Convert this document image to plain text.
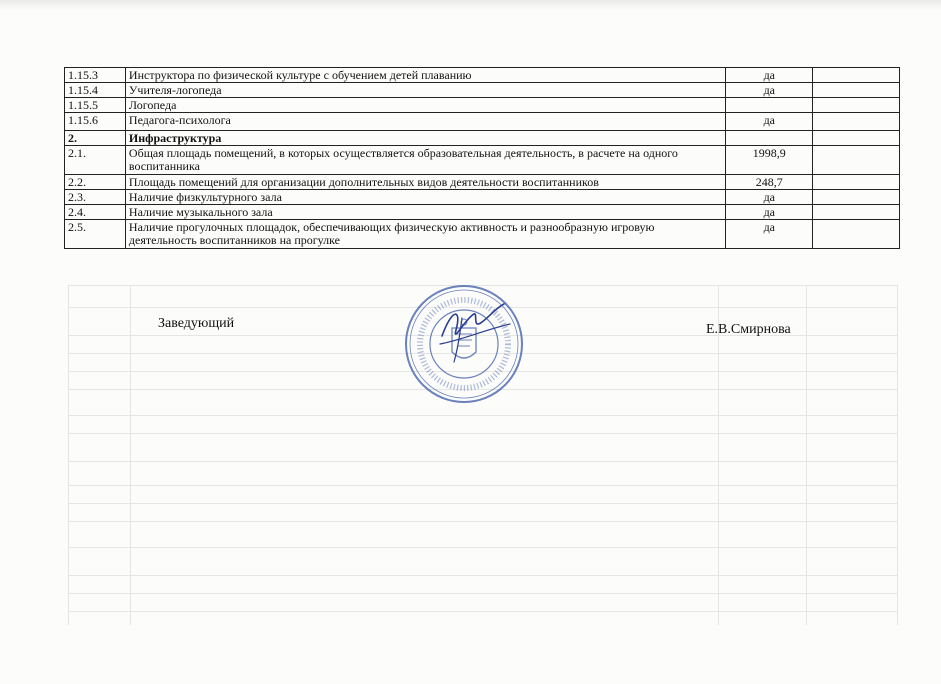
1.15.3	Инструктора по физической культуре с обучением детей плаванию	да	
1.15.4	Учителя-логопеда	да	
1.15.5	Логопеда		
1.15.6	Педагога-психолога	да	
2.	Инфраструктура		
2.1.	Общая площадь помещений, в которых осуществляется образовательная деятельность, в расчете на одного воспитанника	1998,9	
2.2.	Площадь помещений для организации дополнительных видов деятельности воспитанников	248,7	
2.3.	Наличие физкультурного зала	да	
2.4.	Наличие музыкального зала	да	
2.5.	Наличие прогулочных площадок, обеспечивающих физическую активность и разнообразную игровую деятельность воспитанников на прогулке	да	
Заведующий	Е.В.Смирнова
